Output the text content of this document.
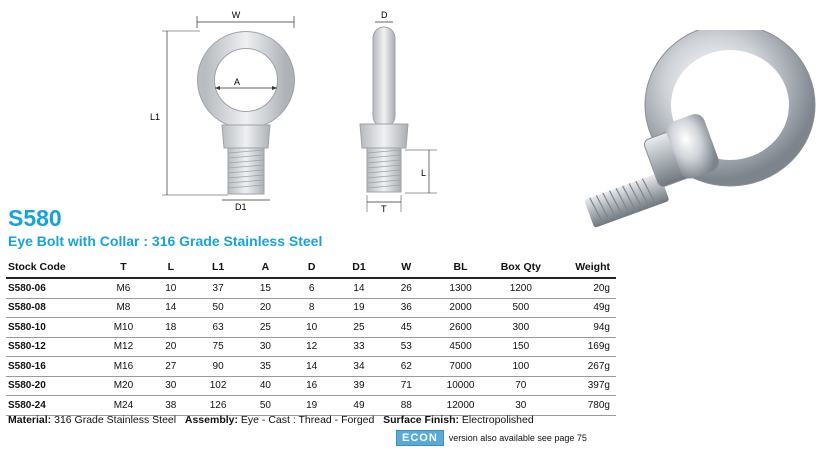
W
A
L1
D1
D
L
T
S580
Eye Bolt with Collar : 316 Grade Stainless Steel
Stock Code	T	L	L1	A	D	D1	W	BL	Box Qty	Weight
S580-06	M6	10	37	15	6	14	26	1300	1200	20g
S580-08	M8	14	50	20	8	19	36	2000	500	49g
S580-10	M10	18	63	25	10	25	45	2600	300	94g
S580-12	M12	20	75	30	12	33	53	4500	150	169g
S580-16	M16	27	90	35	14	34	62	7000	100	267g
S580-20	M20	30	102	40	16	39	71	10000	70	397g
S580-24	M24	38	126	50	19	49	88	12000	30	780g
Material: 316 Grade Stainless Steel Assembly: Eye - Cast : Thread - Forged Surface Finish: Electropolished
ECON	version also available see page 75
